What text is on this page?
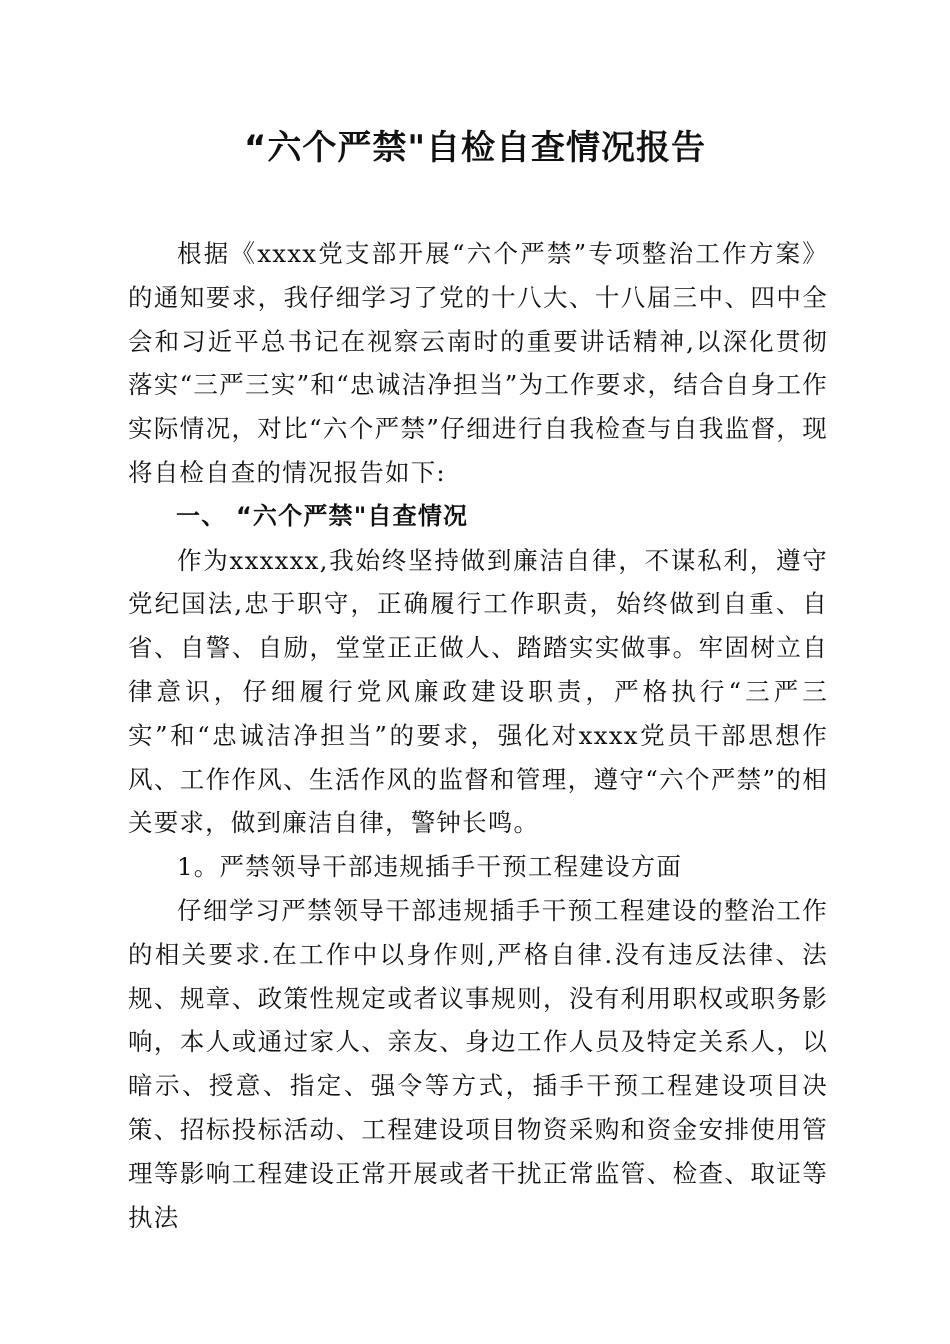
“六个严禁"自检自查情况报告

根据《xxxx党支部开展“六个严禁”专项整治工作方案》的通知要求，我仔细学习了党的十八大、十八届三中、四中全会和习近平总书记在视察云南时的重要讲话精神,以深化贯彻落实“三严三实”和“忠诚洁净担当”为工作要求，结合自身工作实际情况，对比“六个严禁”仔细进行自我检查与自我监督，现将自检自查的情况报告如下:

一、 “六个严禁"自查情况

作为xxxxxx,我始终坚持做到廉洁自律，不谋私利，遵守党纪国法,忠于职守，正确履行工作职责，始终做到自重、自省、自警、自励，堂堂正正做人、踏踏实实做事。牢固树立自律意识，仔细履行党风廉政建设职责，严格执行“三严三实”和“忠诚洁净担当”的要求，强化对xxxx党员干部思想作风、工作作风、生活作风的监督和管理，遵守“六个严禁”的相关要求，做到廉洁自律，警钟长鸣。

1。严禁领导干部违规插手干预工程建设方面

仔细学习严禁领导干部违规插手干预工程建设的整治工作的相关要求.在工作中以身作则,严格自律.没有违反法律、法规、规章、政策性规定或者议事规则，没有利用职权或职务影响，本人或通过家人、亲友、身边工作人员及特定关系人，以暗示、授意、指定、强令等方式，插手干预工程建设项目决策、招标投标活动、工程建设项目物资采购和资金安排使用管理等影响工程建设正常开展或者干扰正常监管、检查、取证等执法
